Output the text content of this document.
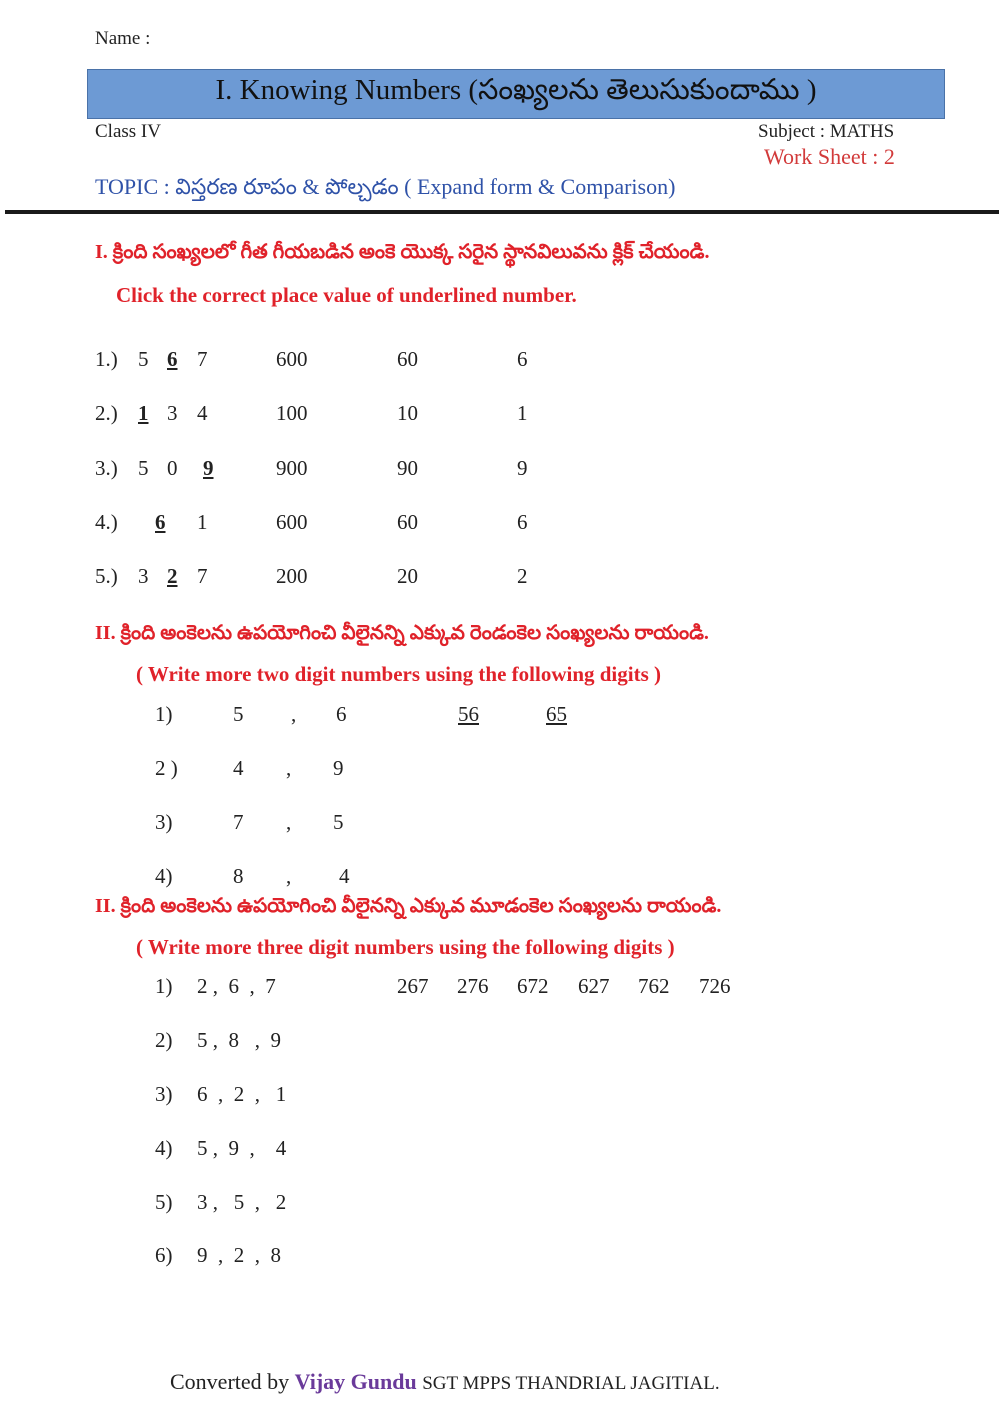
Name :
I. Knowing Numbers (సంఖ్యలను తెలుసుకుందాము )
Class IV	Subject : MATHS
Work Sheet : 2
TOPIC : విస్తరణ రూపం & పోల్చడం ( Expand form & Comparison)
I. క్రింది సంఖ్యలలో గీత గీయబడిన అంకె యొక్క సరైన స్థానవిలువను క్లిక్ చేయండి.
Click the correct place value of underlined number.
1.) 5 6 7	600	60	6
2.) 1 3 4	100	10	1
3.) 5 0 9	900	90	9
4.) 6 1	600	60	6
5.) 3 2 7	200	20	2
II. క్రింది అంకెలను ఉపయోగించి వీలైనన్ని ఎక్కువ రెండంకెల సంఖ్యలను రాయండి.
( Write more two digit numbers using the following digits )
1)	5 , 6	56	65
2 )	4 , 9
3)	7 , 5
4)	8 , 4
II. క్రింది అంకెలను ఉపయోగించి వీలైనన్ని ఎక్కువ మూడంకెల సంఖ్యలను రాయండి.
( Write more three digit numbers using the following digits )
1) 2 ,  6  ,  7	267 276 672 627 762 726
2) 5 ,  8   ,  9
3) 6  ,  2  ,   1
4) 5 ,  9  ,    4
5) 3 ,   5  ,   2
6) 9  ,  2  ,  8
Converted by Vijay Gundu SGT MPPS THANDRIAL JAGITIAL.
